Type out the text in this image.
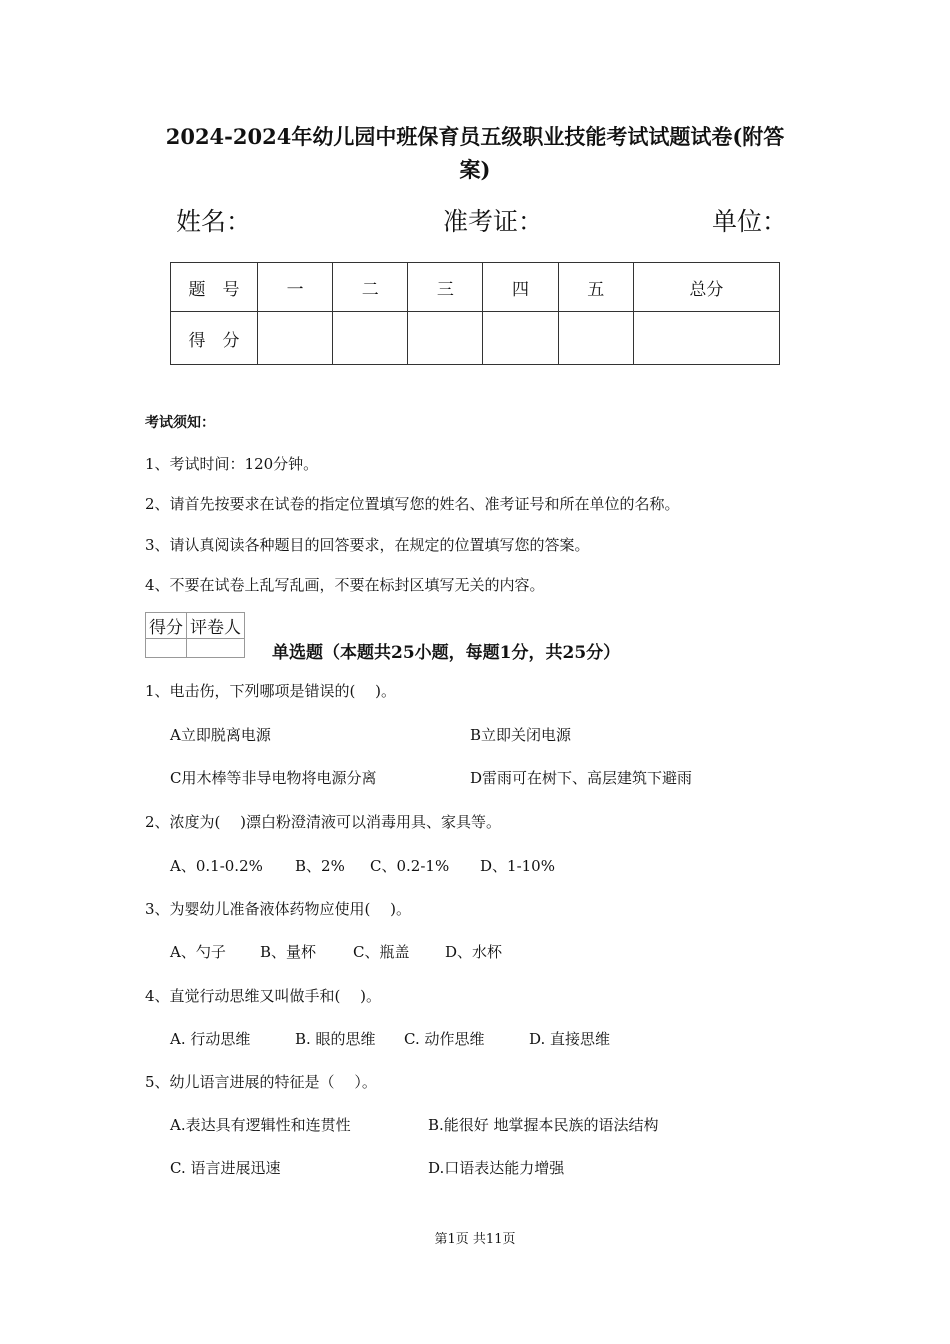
2024-2024年幼儿园中班保育员五级职业技能考试试题试卷(附答
案)
姓名：	准考证：	单位：
题　号	一	二	三	四	五	总分
得　分						
考试须知：
1、考试时间：120分钟。
2、请首先按要求在试卷的指定位置填写您的姓名、准考证号和所在单位的名称。
3、请认真阅读各种题目的回答要求，在规定的位置填写您的答案。
4、不要在试卷上乱写乱画，不要在标封区填写无关的内容。
得分	评卷人

单选题（本题共25小题，每题1分，共25分）
1、电击伤，下列哪项是错误的(　 )。
A立即脱离电源	B立即关闭电源
C用木棒等非导电物将电源分离	D雷雨可在树下、高层建筑下避雨
2、浓度为(　 )漂白粉澄清液可以消毒用具、家具等。
A、0.1-0.2% B、2% C、0.2-1% D、1-10%
3、为婴幼儿准备液体药物应使用(　 )。
A、勺子 B、量杯 C、瓶盖 D、水杯
4、直觉行动思维又叫做手和(　 )。
A. 行动思维	B. 眼的思维 C. 动作思维	D. 直接思维
5、幼儿语言进展的特征是（　 ）。
A.表达具有逻辑性和连贯性	B.能很好 地掌握本民族的语法结构
C. 语言进展迅速	D.口语表达能力增强
第1页 共11页
